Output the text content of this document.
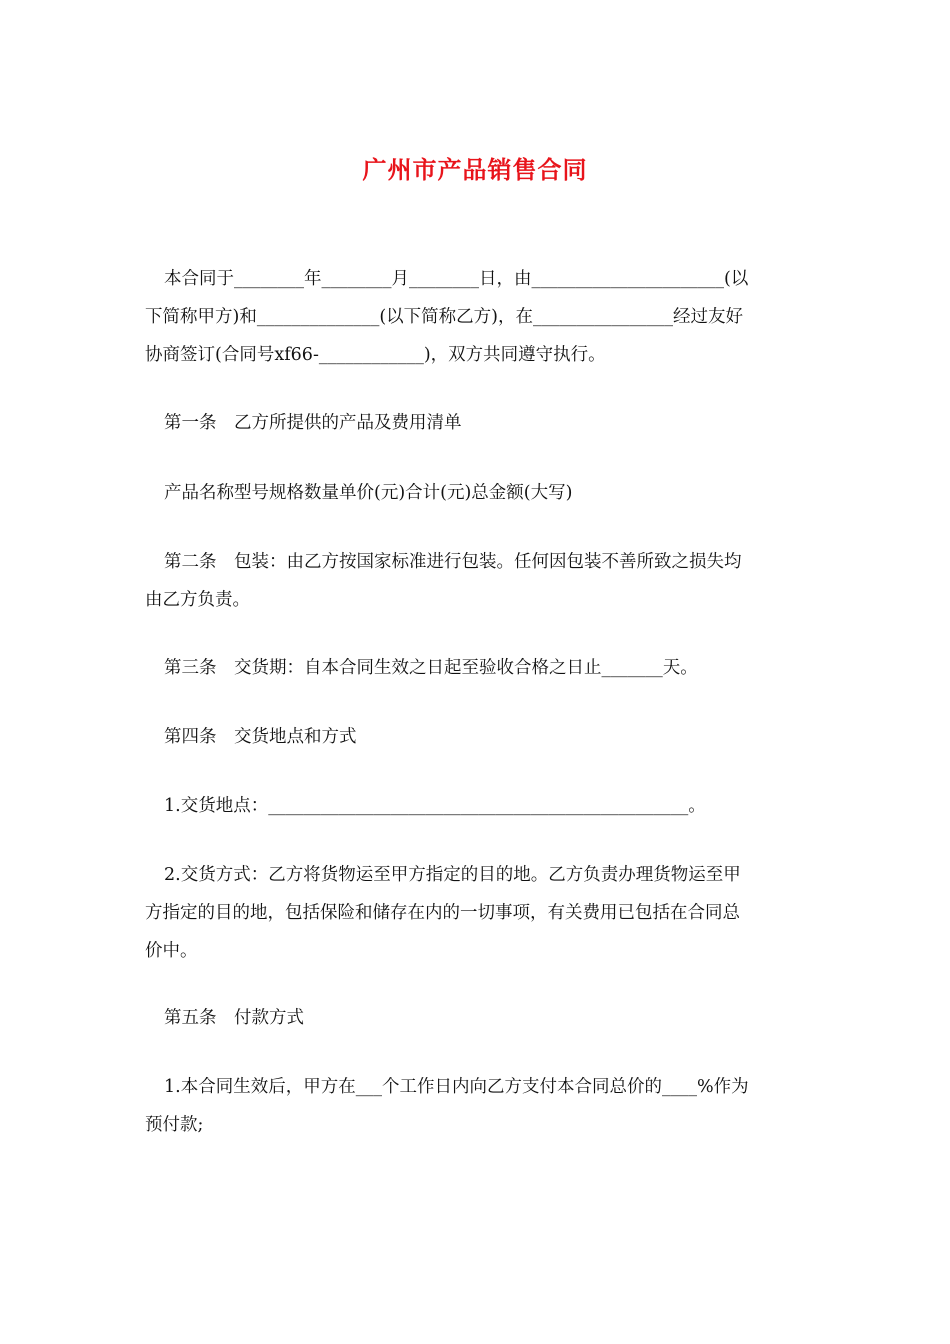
广州市产品销售合同
本合同于________年________月________日，由______________________(以
下简称甲方)和______________(以下简称乙方)，在________________经过友好
协商签订(合同号xf66-____________)，双方共同遵守执行。
第一条　乙方所提供的产品及费用清单
产品名称型号规格数量单价(元)合计(元)总金额(大写)
第二条　包装：由乙方按国家标准进行包装。任何因包装不善所致之损失均
由乙方负责。
第三条　交货期：自本合同生效之日起至验收合格之日止_______天。
第四条　交货地点和方式
1.交货地点：________________________________________________。
2.交货方式：乙方将货物运至甲方指定的目的地。乙方负责办理货物运至甲
方指定的目的地，包括保险和储存在内的一切事项，有关费用已包括在合同总
价中。
第五条　付款方式
1.本合同生效后，甲方在___个工作日内向乙方支付本合同总价的____%作为
预付款;
